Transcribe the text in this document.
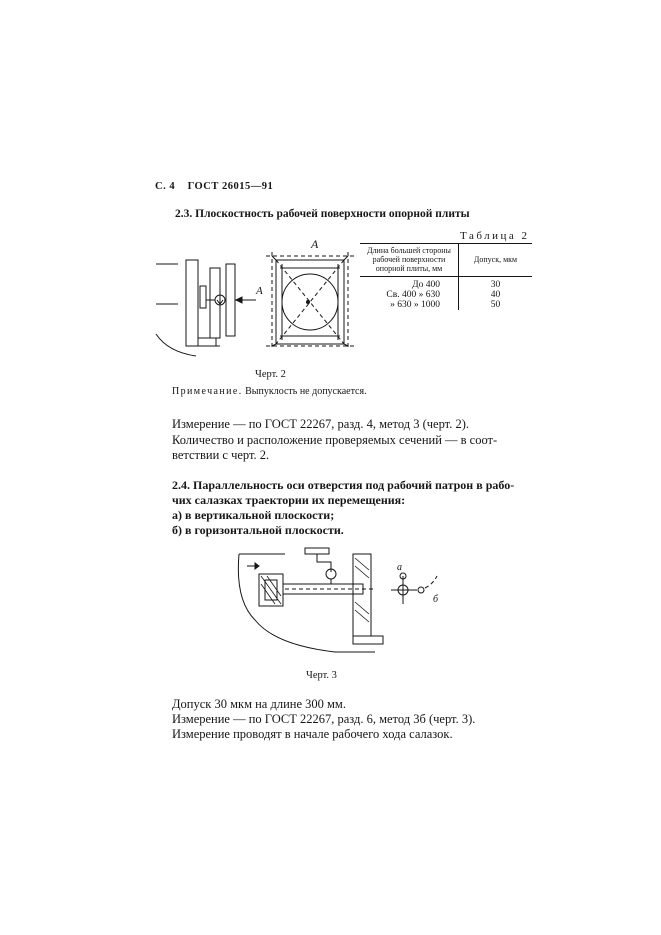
С. 4 ГОСТ 26015—91
2.3. Плоскостность рабочей поверхности опорной плиты
А
А
Таблица 2
Длина большей стороны рабочей поверхности опорной плиты, мм	Допуск, мкм
До 400	30
Св. 400 » 630	40
» 630 » 1000	50
Черт. 2
Примечание. Выпуклость не допускается.
Измерение — по ГОСТ 22267, разд. 4, метод 3 (черт. 2).
Количество и расположение проверяемых сечений — в соот-
ветствии с черт. 2.
2.4. Параллельность оси отверстия под рабочий патрон в рабо-
чих салазках траектории их перемещения:
а) в вертикальной плоскости;
б) в горизонтальной плоскости.
а
б
Черт. 3
Допуск 30 мкм на длине 300 мм.
Измерение — по ГОСТ 22267, разд. 6, метод 3б (черт. 3).
Измерение проводят в начале рабочего хода салазок.
